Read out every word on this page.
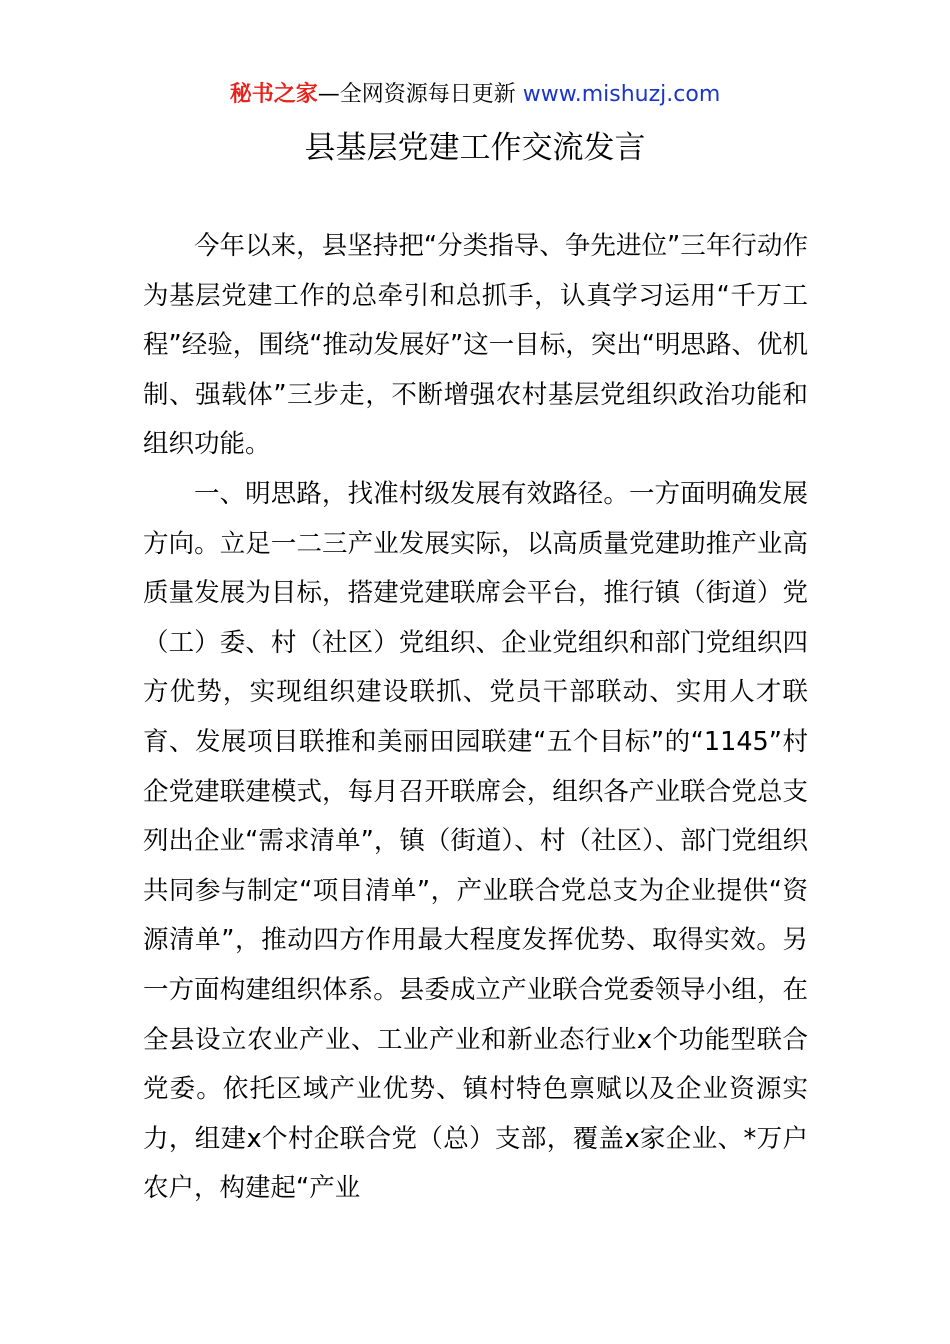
秘书之家—全网资源每日更新 www.mishuzj.com
县基层党建工作交流发言

今年以来，县坚持把“分类指导、争先进位”三年行动作为基层党建工作的总牵引和总抓手，认真学习运用“千万工程”经验，围绕“推动发展好”这一目标，突出“明思路、优机制、强载体”三步走，不断增强农村基层党组织政治功能和组织功能。

一、明思路，找准村级发展有效路径。一方面明确发展方向。立足一二三产业发展实际，以高质量党建助推产业高质量发展为目标，搭建党建联席会平台，推行镇（街道）党（工）委、村（社区）党组织、企业党组织和部门党组织四方优势，实现组织建设联抓、党员干部联动、实用人才联育、发展项目联推和美丽田园联建“五个目标”的“1145”村企党建联建模式，每月召开联席会，组织各产业联合党总支列出企业“需求清单”，镇（街道）、村（社区）、部门党组织共同参与制定“项目清单”，产业联合党总支为企业提供“资源清单”，推动四方作用最大程度发挥优势、取得实效。另一方面构建组织体系。县委成立产业联合党委领导小组，在全县设立农业产业、工业产业和新业态行业x个功能型联合党委。依托区域产业优势、镇村特色禀赋以及企业资源实力，组建x个村企联合党（总）支部，覆盖x家企业、*万户农户，构建起“产业
